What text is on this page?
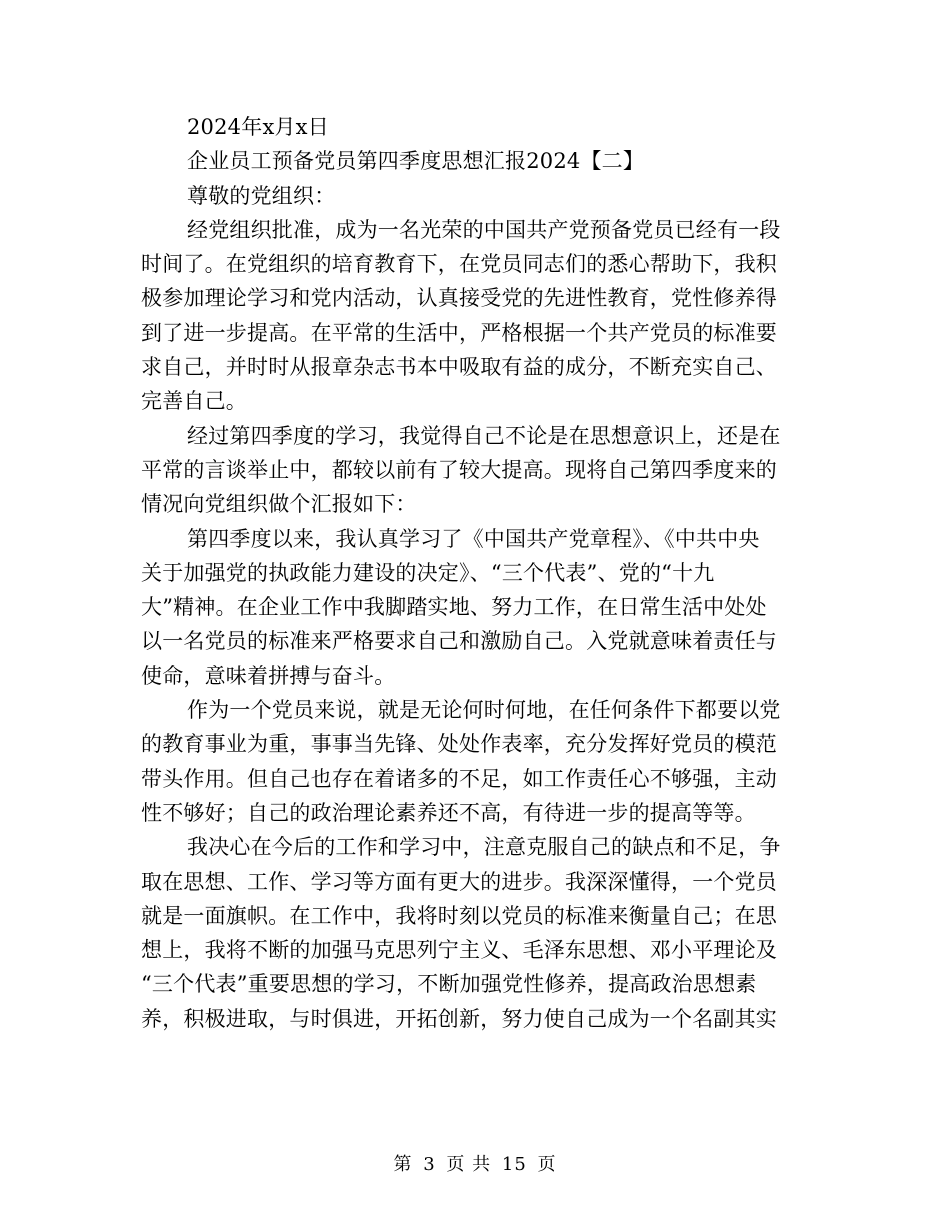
2024年x月x日
企业员工预备党员第四季度思想汇报2024【二】
尊敬的党组织：
经党组织批准，成为一名光荣的中国共产党预备党员已经有一段
时间了。在党组织的培育教育下，在党员同志们的悉心帮助下，我积
极参加理论学习和党内活动，认真接受党的先进性教育，党性修养得
到了进一步提高。在平常的生活中，严格根据一个共产党员的标准要
求自己，并时时从报章杂志书本中吸取有益的成分，不断充实自己、
完善自己。
经过第四季度的学习，我觉得自己不论是在思想意识上，还是在
平常的言谈举止中，都较以前有了较大提高。现将自己第四季度来的
情况向党组织做个汇报如下：
第四季度以来，我认真学习了《中国共产党章程》、《中共中央
关于加强党的执政能力建设的决定》、“三个代表”、党的“十九
大”精神。在企业工作中我脚踏实地、努力工作，在日常生活中处处
以一名党员的标准来严格要求自己和激励自己。入党就意味着责任与
使命，意味着拼搏与奋斗。
作为一个党员来说，就是无论何时何地，在任何条件下都要以党
的教育事业为重，事事当先锋、处处作表率，充分发挥好党员的模范
带头作用。但自己也存在着诸多的不足，如工作责任心不够强，主动
性不够好；自己的政治理论素养还不高，有待进一步的提高等等。
我决心在今后的工作和学习中，注意克服自己的缺点和不足，争
取在思想、工作、学习等方面有更大的进步。我深深懂得，一个党员
就是一面旗帜。在工作中，我将时刻以党员的标准来衡量自己；在思
想上，我将不断的加强马克思列宁主义、毛泽东思想、邓小平理论及
“三个代表”重要思想的学习，不断加强党性修养，提高政治思想素
养，积极进取，与时俱进，开拓创新，努力使自己成为一个名副其实
第 3 页 共 15 页
